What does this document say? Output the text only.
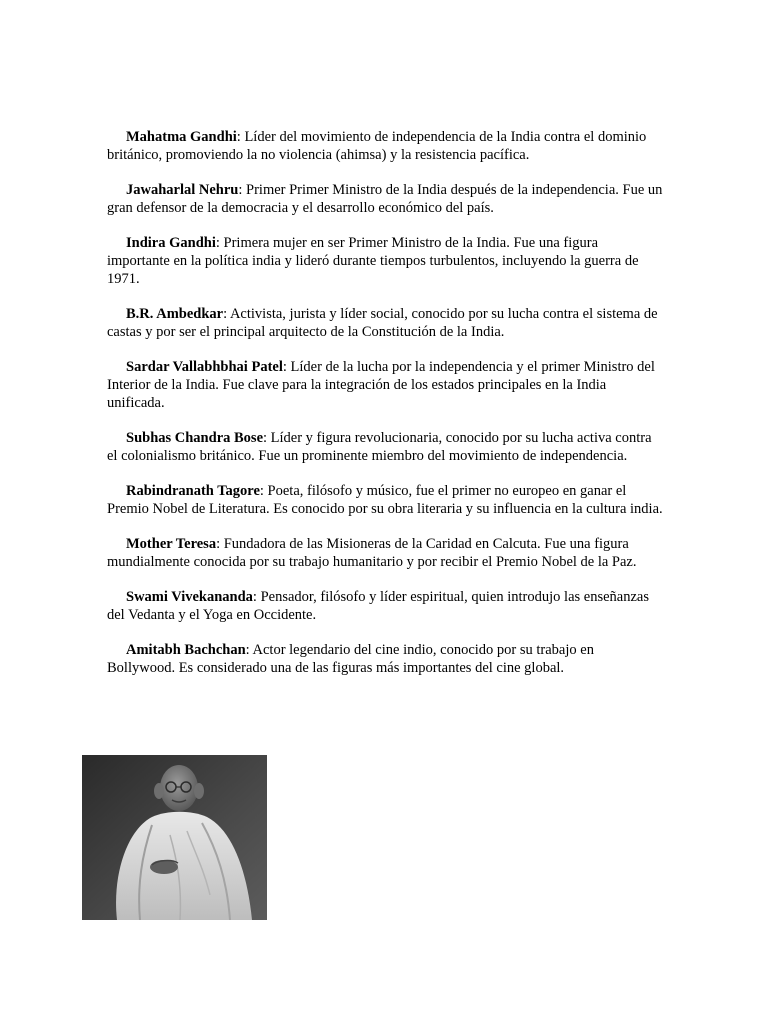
Mahatma Gandhi: Líder del movimiento de independencia de la India contra el dominio británico, promoviendo la no violencia (ahimsa) y la resistencia pacífica.

Jawaharlal Nehru: Primer Primer Ministro de la India después de la independencia. Fue un gran defensor de la democracia y el desarrollo económico del país.

Indira Gandhi: Primera mujer en ser Primer Ministro de la India. Fue una figura importante en la política india y lideró durante tiempos turbulentos, incluyendo la guerra de 1971.

B.R. Ambedkar: Activista, jurista y líder social, conocido por su lucha contra el sistema de castas y por ser el principal arquitecto de la Constitución de la India.

Sardar Vallabhbhai Patel: Líder de la lucha por la independencia y el primer Ministro del Interior de la India. Fue clave para la integración de los estados principales en la India unificada.

Subhas Chandra Bose: Líder y figura revolucionaria, conocido por su lucha activa contra el colonialismo británico. Fue un prominente miembro del movimiento de independencia.

Rabindranath Tagore: Poeta, filósofo y músico, fue el primer no europeo en ganar el Premio Nobel de Literatura. Es conocido por su obra literaria y su influencia en la cultura india.

Mother Teresa: Fundadora de las Misioneras de la Caridad en Calcuta. Fue una figura mundialmente conocida por su trabajo humanitario y por recibir el Premio Nobel de la Paz.

Swami Vivekananda: Pensador, filósofo y líder espiritual, quien introdujo las enseñanzas del Vedanta y el Yoga en Occidente.

Amitabh Bachchan: Actor legendario del cine indio, conocido por su trabajo en Bollywood. Es considerado una de las figuras más importantes del cine global.
